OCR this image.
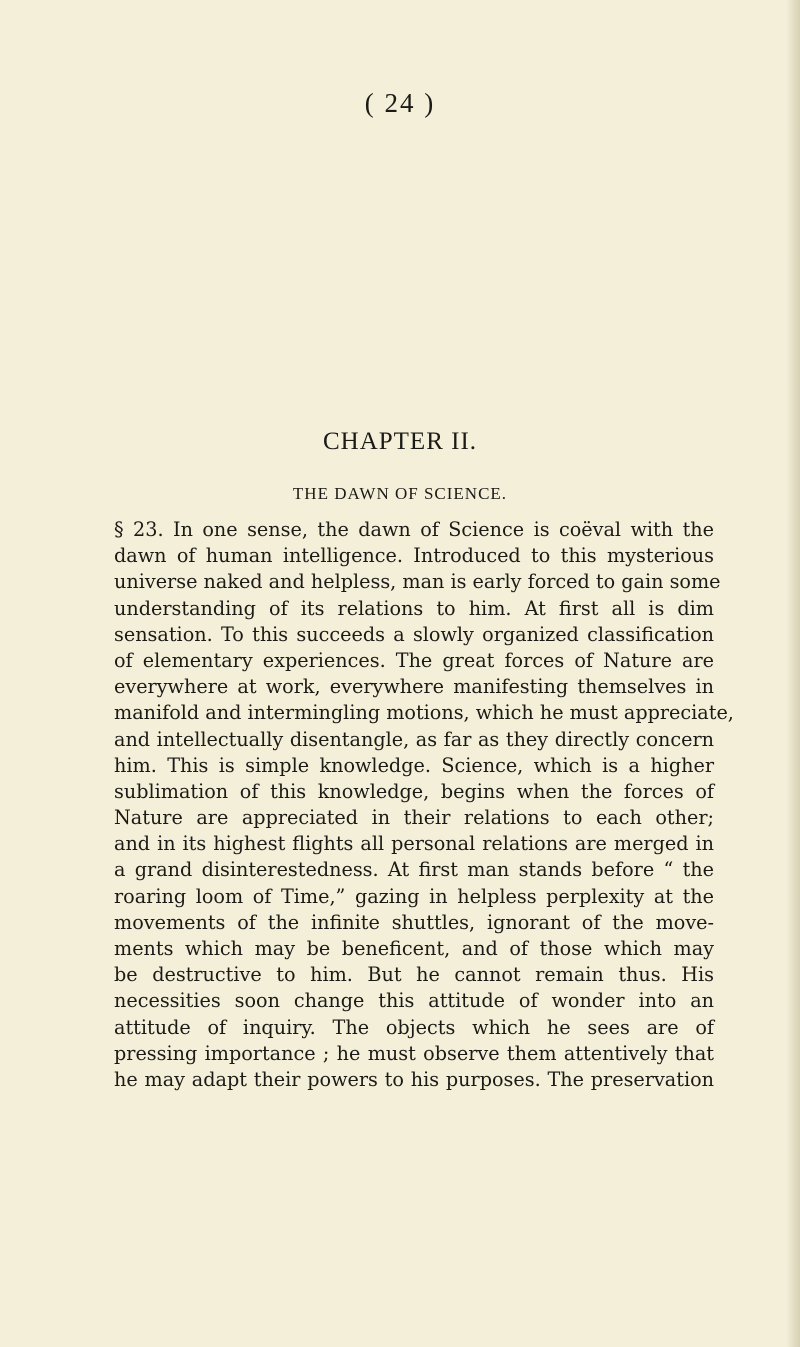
( 24 )
CHAPTER II.
THE DAWN OF SCIENCE.
§ 23. In one sense, the dawn of Science is coëval with the
dawn of human intelligence. Introduced to this mysterious
universe naked and helpless, man is early forced to gain some
understanding of its relations to him. At first all is dim
sensation. To this succeeds a slowly organized classification
of elementary experiences. The great forces of Nature are
everywhere at work, everywhere manifesting themselves in
manifold and intermingling motions, which he must appreciate,
and intellectually disentangle, as far as they directly concern
him. This is simple knowledge. Science, which is a higher
sublimation of this knowledge, begins when the forces of
Nature are appreciated in their relations to each other;
and in its highest flights all personal relations are merged in
a grand disinterestedness. At first man stands before “ the
roaring loom of Time,” gazing in helpless perplexity at the
movements of the infinite shuttles, ignorant of the move-
ments which may be beneficent, and of those which may
be destructive to him. But he cannot remain thus. His
necessities soon change this attitude of wonder into an
attitude of inquiry. The objects which he sees are of
pressing importance ; he must observe them attentively that
he may adapt their powers to his purposes. The preservation
